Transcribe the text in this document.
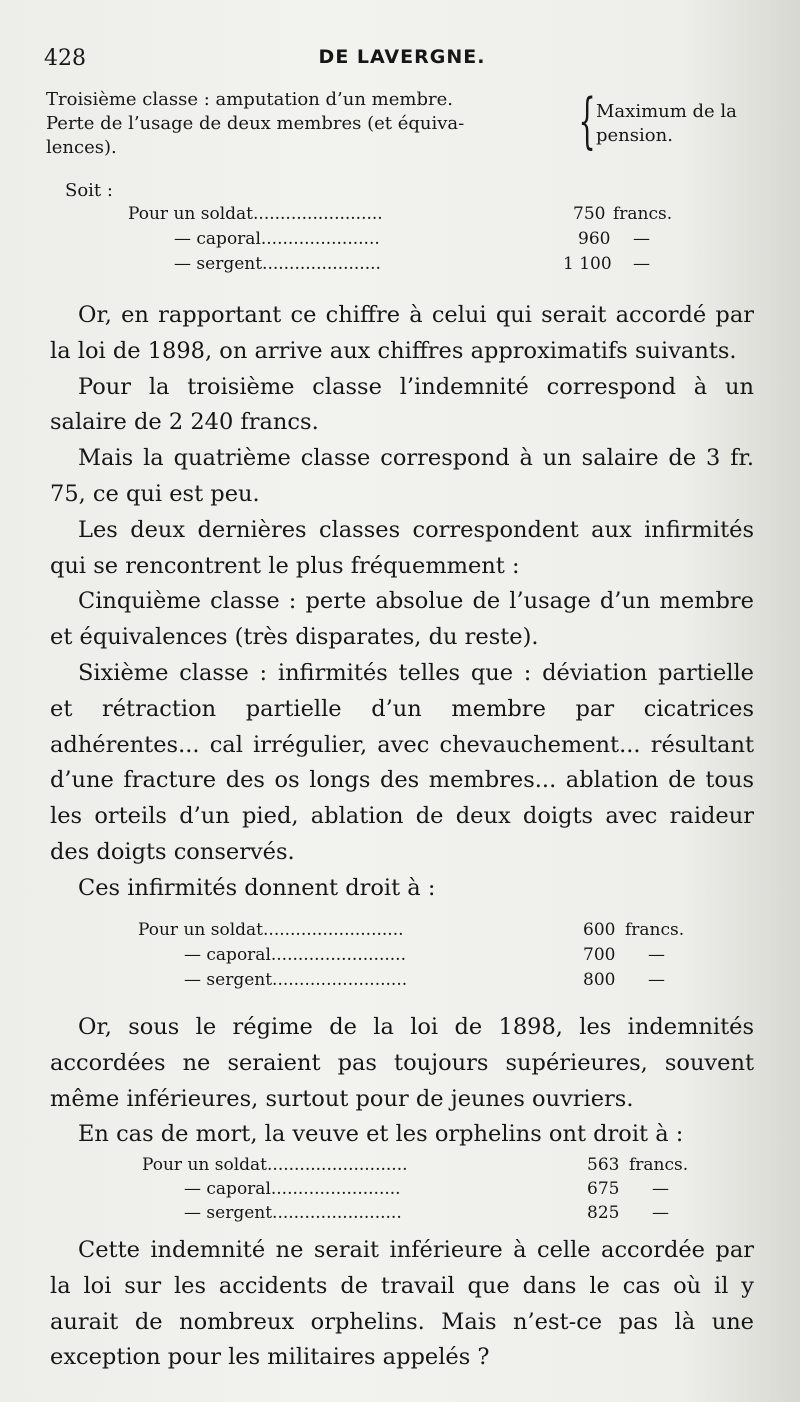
428	DE LAVERGNE.
Troisième classe : amputation d’un membre.
Perte de l’usage de deux membres (et équiva-
lences).	{ Maximum de la pension.
Soit :
Pour un soldat........................	750 francs.
— caporal......................	960 —
— sergent......................	1 100 —

Or, en rapportant ce chiffre à celui qui serait accordé par la loi de 1898, on arrive aux chiffres approximatifs suivants.

Pour la troisième classe l’indemnité correspond à un salaire de 2 240 francs.

Mais la quatrième classe correspond à un salaire de 3 fr. 75, ce qui est peu.

Les deux dernières classes correspondent aux infirmités qui se rencontrent le plus fréquemment :

Cinquième classe : perte absolue de l’usage d’un membre et équivalences (très disparates, du reste).

Sixième classe : infirmités telles que : déviation partielle et rétraction partielle d’un membre par cicatrices adhérentes... cal irrégulier, avec chevauchement... résultant d’une fracture des os longs des membres... ablation de tous les orteils d’un pied, ablation de deux doigts avec raideur des doigts conservés.

Ces infirmités donnent droit à :

Pour un soldat..........................	600 francs.
— caporal.........................	700 —
— sergent.........................	800 —

Or, sous le régime de la loi de 1898, les indemnités accordées ne seraient pas toujours supérieures, souvent même inférieures, surtout pour de jeunes ouvriers.

En cas de mort, la veuve et les orphelins ont droit à :

Pour un soldat..........................	563 francs.
— caporal........................	675 —
— sergent........................	825 —

Cette indemnité ne serait inférieure à celle accordée par la loi sur les accidents de travail que dans le cas où il y aurait de nombreux orphelins. Mais n’est-ce pas là une exception pour les militaires appelés ?
